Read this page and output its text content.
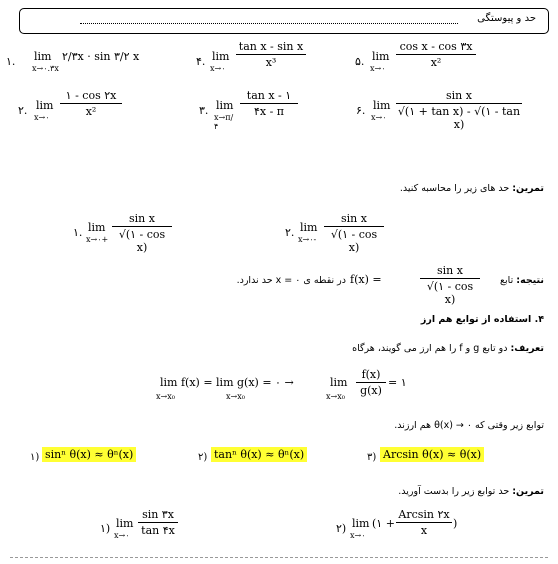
حد و پیوستگی
۱. lim
x→۰.۳x
۲/۳x · sin ۳/۲ x	۴. lim
x→۰
tan x - sin x
x³	۵. lim
x→۰
cos x - cos ۳x
x²
۲. lim
x→۰
۱ - cos ۲x
x²	۳. lim
x→π/۴
tan x - ۱
۴x - π	۶. lim
x→۰
sin x
√(۱ + tan x) - √(۱ - tan x)
تمرین: حد های زیر را محاسبه کنید.
۱. lim
x→۰+
sin x
√(۱ - cos x)
۲. lim
x→۰-
sin x
√(۱ - cos x)
نتیجه: تابع
f(x) =
sin x
√(۱ - cos x)
در نقطه ی x = ۰ حد ندارد.
۴. استفاده از توابع هم ارز
تعریف: دو تابع g و f را هم ارز می گویند، هرگاه
lim f(x) = lim g(x) = ۰ →
x→x₀	x→x₀
lim
x→x₀
f(x)
g(x)
= ۱
توابع زیر وقتی که θ(x) → ۰ هم ارزند.
۱) sinⁿ θ(x) ≈ θⁿ(x)	۲) tanⁿ θ(x) ≈ θⁿ(x)	۳) Arcsin θ(x) ≈ θ(x)
تمرین: حد توابع زیر را بدست آورید.
۱) lim
x→۰
sin ۳x
tan ۴x	۲) lim
x→۰
(۱ +
Arcsin ۲x
x
)
